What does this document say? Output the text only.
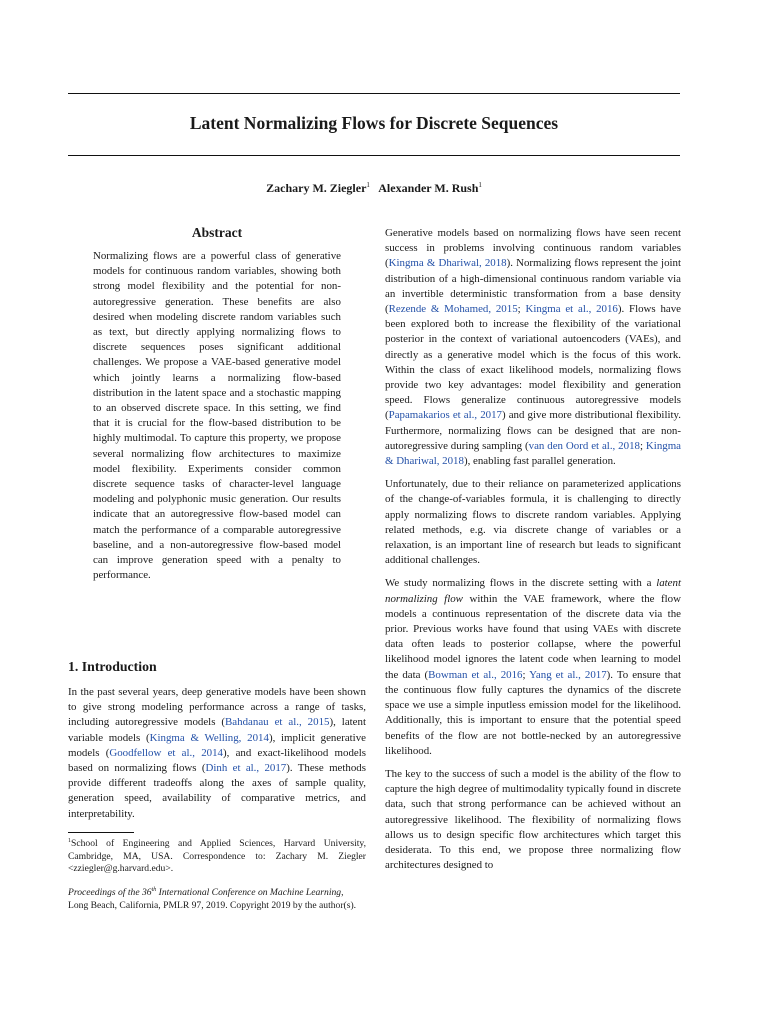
Latent Normalizing Flows for Discrete Sequences
Zachary M. Ziegler$^1$ Alexander M. Rush$^1$
Abstract
Normalizing flows are a powerful class of generative models for continuous random variables, showing both strong model flexibility and the potential for non-autoregressive generation. These benefits are also desired when modeling discrete random variables such as text, but directly applying normalizing flows to discrete sequences poses significant additional challenges. We propose a VAE-based generative model which jointly learns a normalizing flow-based distribution in the latent space and a stochastic mapping to an observed discrete space. In this setting, we find that it is crucial for the flow-based distribution to be highly multimodal. To capture this property, we propose several normalizing flow architectures to maximize model flexibility. Experiments consider common discrete sequence tasks of character-level language modeling and polyphonic music generation. Our results indicate that an autoregressive flow-based model can match the performance of a comparable autoregressive baseline, and a non-autoregressive flow-based model can improve generation speed with a penalty to performance.
1. Introduction
In the past several years, deep generative models have been shown to give strong modeling performance across a range of tasks, including autoregressive models (Bahdanau et al., 2015), latent variable models (Kingma & Welling, 2014), implicit generative models (Goodfellow et al., 2014), and exact-likelihood models based on normalizing flows (Dinh et al., 2017). These methods provide different tradeoffs along the axes of sample quality, generation speed, availability of comparative metrics, and interpretability.
$^1$School of Engineering and Applied Sciences, Harvard University, Cambridge, MA, USA. Correspondence to: Zachary M. Ziegler <zziegler@g.harvard.edu>.
Proceedings of the 36th International Conference on Machine Learning, Long Beach, California, PMLR 97, 2019. Copyright 2019 by the author(s).

Generative models based on normalizing flows have seen recent success in problems involving continuous random variables (Kingma & Dhariwal, 2018). Normalizing flows represent the joint distribution of a high-dimensional continuous random variable via an invertible deterministic transformation from a base density (Rezende & Mohamed, 2015; Kingma et al., 2016). Flows have been explored both to increase the flexibility of the variational posterior in the context of variational autoencoders (VAEs), and directly as a generative model which is the focus of this work. Within the class of exact likelihood models, normalizing flows provide two key advantages: model flexibility and generation speed. Flows generalize continuous autoregressive models (Papamakarios et al., 2017) and give more distributional flexibility. Furthermore, normalizing flows can be designed that are non-autoregressive during sampling (van den Oord et al., 2018; Kingma & Dhariwal, 2018), enabling fast parallel generation.

Unfortunately, due to their reliance on parameterized applications of the change-of-variables formula, it is challenging to directly apply normalizing flows to discrete random variables. Applying related methods, e.g. via discrete change of variables or a relaxation, is an important line of research but leads to significant additional challenges.

We study normalizing flows in the discrete setting with a latent normalizing flow within the VAE framework, where the flow models a continuous representation of the discrete data via the prior. Previous works have found that using VAEs with discrete data often leads to posterior collapse, where the powerful likelihood model ignores the latent code when learning to model the data (Bowman et al., 2016; Yang et al., 2017). To ensure that the continuous flow fully captures the dynamics of the discrete space we use a simple inputless emission model for the likelihood. Additionally, this is important to ensure that the potential speed benefits of the flow are not bottle-necked by an autoregressive likelihood.

The key to the success of such a model is the ability of the flow to capture the high degree of multimodality typically found in discrete data, such that strong performance can be achieved without an autoregressive likelihood. The flexibility of normalizing flows allows us to design specific flow architectures which target this desiderata. To this end, we propose three normalizing flow architectures designed to
